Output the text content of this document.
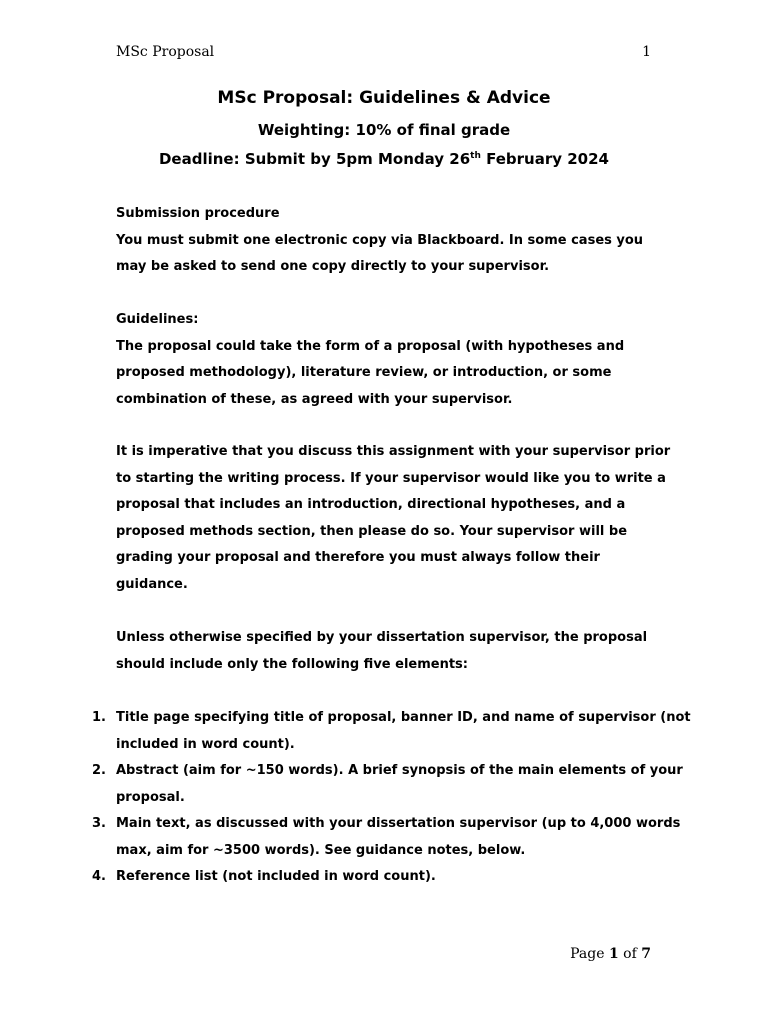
MSc Proposal	1
MSc Proposal: Guidelines & Advice
Weighting: 10% of final grade
Deadline: Submit by 5pm Monday 26th February 2024

Submission procedure

You must submit one electronic copy via Blackboard. In some cases you may be asked to send one copy directly to your supervisor.

Guidelines:

The proposal could take the form of a proposal (with hypotheses and proposed methodology), literature review, or introduction, or some combination of these, as agreed with your supervisor.

It is imperative that you discuss this assignment with your supervisor prior to starting the writing process. If your supervisor would like you to write a proposal that includes an introduction, directional hypotheses, and a proposed methods section, then please do so. Your supervisor will be grading your proposal and therefore you must always follow their guidance.

Unless otherwise specified by your dissertation supervisor, the proposal should include only the following five elements:

1. Title page specifying title of proposal, banner ID, and name of supervisor (not included in word count).
2. Abstract (aim for ~150 words). A brief synopsis of the main elements of your proposal.
3. Main text, as discussed with your dissertation supervisor (up to 4,000 words max, aim for ~3500 words). See guidance notes, below.
4. Reference list (not included in word count).
Page 1 of 7
